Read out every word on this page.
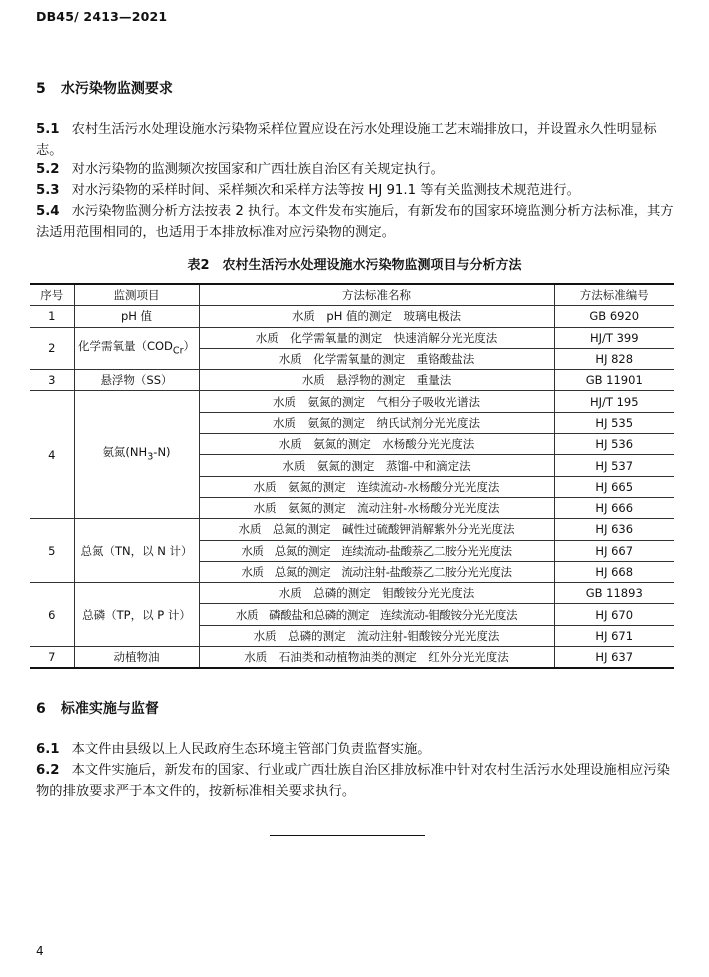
DB45/ 2413—2021
5 水污染物监测要求
5.1 农村生活污水处理设施水污染物采样位置应设在污水处理设施工艺末端排放口，并设置永久性明显标志。
5.2 对水污染物的监测频次按国家和广西壮族自治区有关规定执行。
5.3 对水污染物的采样时间、采样频次和采样方法等按 HJ 91.1 等有关监测技术规范进行。
5.4 水污染物监测分析方法按表 2 执行。本文件发布实施后，有新发布的国家环境监测分析方法标准，其方法适用范围相同的，也适用于本排放标准对应污染物的测定。
表2　农村生活污水处理设施水污染物监测项目与分析方法
序号	监测项目	方法标准名称	方法标准编号
1	pH 值	水质　pH 值的测定　玻璃电极法	GB 6920
2	化学需氧量$(COD_{Cr})$	水质　化学需氧量的测定　快速消解分光光度法	HJ/T 399
		水质　化学需氧量的测定　重铬酸盐法	HJ 828
3	悬浮物（SS）	水质　悬浮物的测定　重量法	GB 11901
4	氨氮$(NH_3-N)$	水质　氨氮的测定　气相分子吸收光谱法	HJ/T 195
		水质　氨氮的测定　纳氏试剂分光光度法	HJ 535
		水质　氨氮的测定　水杨酸分光光度法	HJ 536
		水质　氨氮的测定　蒸馏-中和滴定法	HJ 537
		水质　氨氮的测定　连续流动-水杨酸分光光度法	HJ 665
		水质　氨氮的测定　流动注射-水杨酸分光光度法	HJ 666
5	总氮（TN，以 N 计）	水质　总氮的测定　碱性过硫酸钾消解紫外分光光度法	HJ 636
		水质　总氮的测定　连续流动-盐酸萘乙二胺分光光度法	HJ 667
		水质　总氮的测定　流动注射-盐酸萘乙二胺分光光度法	HJ 668
6	总磷（TP，以 P 计）	水质　总磷的测定　钼酸铵分光光度法	GB 11893
		水质　磷酸盐和总磷的测定　连续流动-钼酸铵分光光度法	HJ 670
		水质　总磷的测定　流动注射-钼酸铵分光光度法	HJ 671
7	动植物油	水质　石油类和动植物油类的测定　红外分光光度法	HJ 637
6 标准实施与监督
6.1 本文件由县级以上人民政府生态环境主管部门负责监督实施。
6.2 本文件实施后，新发布的国家、行业或广西壮族自治区排放标准中针对农村生活污水处理设施相应污染物的排放要求严于本文件的，按新标准相关要求执行。
4
